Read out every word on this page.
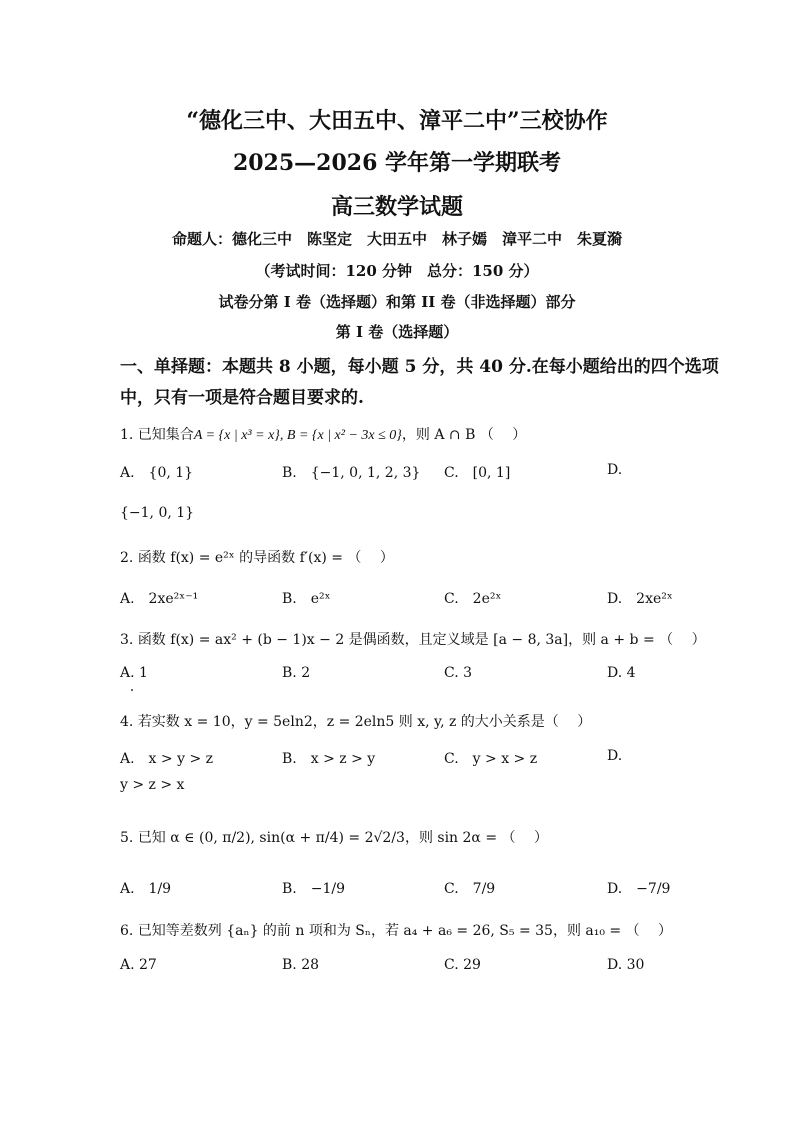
“德化三中、大田五中、漳平二中”三校协作
2025—2026 学年第一学期联考
高三数学试题
命题人：德化三中　陈坚定　大田五中　林子嫣　漳平二中　朱夏漪
（考试时间：120 分钟　总分：150 分）
试卷分第 I 卷（选择题）和第 II 卷（非选择题）部分
第 I 卷（选择题）
一、单择题：本题共 8 小题，每小题 5 分，共 40 分.在每小题给出的四个选项
中，只有一项是符合题目要求的.
1. 已知集合A = {x | x³ = x}, B = {x | x² − 3x ≤ 0}，则 A ∩ B （　 ）
A.　{0, 1}	B.　{−1, 0, 1, 2, 3} C.　[0, 1]	D.
{−1, 0, 1}
2. 函数 f(x) = e²ˣ 的导函数 f′(x) = （　 ）
A.　2xe²ˣ⁻¹	B.　e²ˣ	C.　2e²ˣ	D.　2xe²ˣ
3. 函数 f(x) = ax² + (b − 1)x − 2 是偶函数，且定义域是 [a − 8, 3a]，则 a + b = （　 ）
A. 1	B. 2	C. 3	D. 4
4. 若实数 x = 10，y = 5eln2，z = 2eln5 则 x, y, z 的大小关系是（　 ）
A.　x > y > z	B.　x > z > y	C.　y > x > z	D.
y > z > x
5. 已知 α ∈ (0, π/2), sin(α + π/4) = 2√2/3，则 sin 2α = （　 ）
A.　1/9	B.　−1/9	C.　7/9	D.　−7/9
6. 已知等差数列 {aₙ} 的前 n 项和为 Sₙ，若 a₄ + a₆ = 26, S₅ = 35，则 a₁₀ = （　 ）
A. 27	B. 28	C. 29	D. 30
